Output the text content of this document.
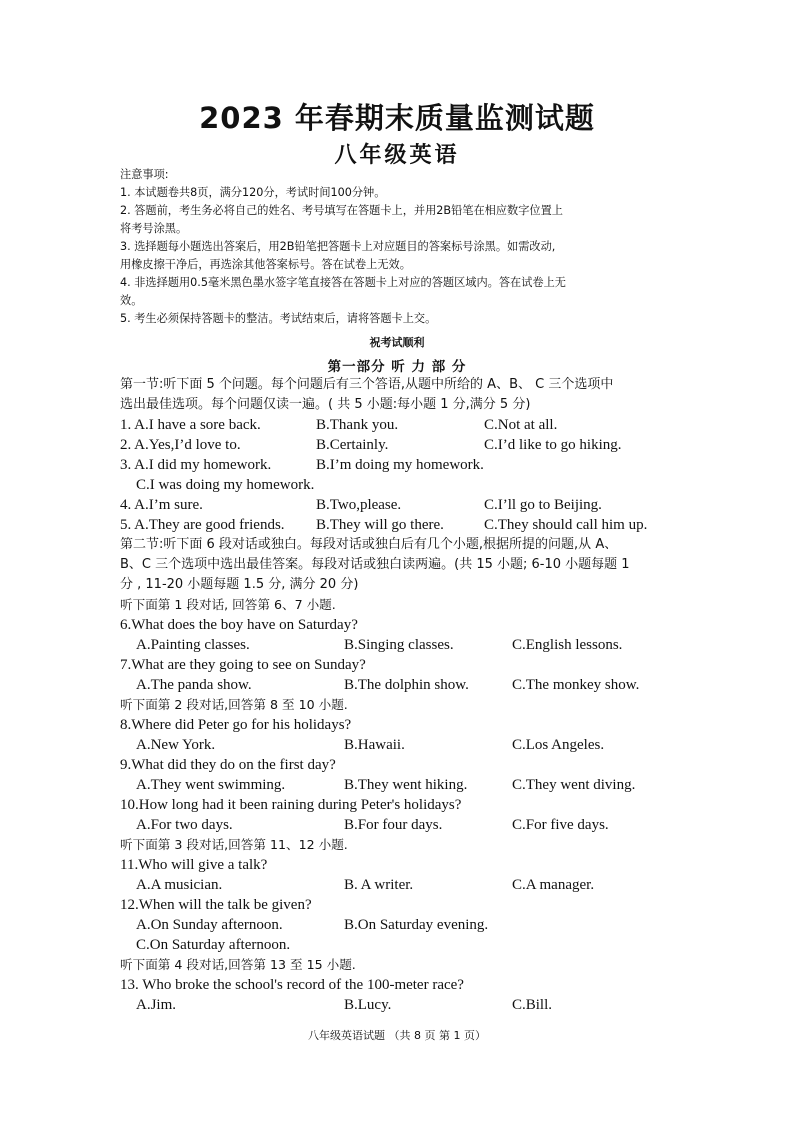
2023 年春期末质量监测试题
八年级英语
注意事项:
1. 本试题卷共8页，满分120分，考试时间100分钟。
2. 答题前，考生务必将自己的姓名、考号填写在答题卡上，并用2B铅笔在相应数字位置上
将考号涂黑。
3. 选择题每小题选出答案后，用2B铅笔把答题卡上对应题目的答案标号涂黑。如需改动,
用橡皮擦干净后，再选涂其他答案标号。答在试卷上无效。
4. 非选择题用0.5毫米黑色墨水签字笔直接答在答题卡上对应的答题区域内。答在试卷上无
效。
5. 考生必须保持答题卡的整洁。考试结束后，请将答题卡上交。
祝考试顺利
第一部分 听 力 部 分
第一节:听下面 5 个问题。每个问题后有三个答语,从题中所给的 A、B、 C 三个选项中
选出最佳选项。每个问题仅读一遍。( 共 5 小题:每小题 1 分,满分 5 分)
1. A.I have a sore back.	B.Thank you.	C.Not at all.
2. A.Yes,I’d love to.	B.Certainly.	C.I’d like to go hiking.
3. A.I did my homework.	B.I’m doing my homework.
C.I was doing my homework.
4. A.I’m sure.	B.Two,please.	C.I’ll go to Beijing.
5. A.They are good friends. B.They will go there.	C.They should call him up.
第二节:听下面 6 段对话或独白。每段对话或独白后有几个小题,根据所提的问题,从 A、
B、C 三个选项中选出最佳答案。每段对话或独白读两遍。(共 15 小题; 6-10 小题每题 1
分 , 11-20 小题每题 1.5 分, 满分 20 分)
听下面第 1 段对话, 回答第 6、7 小题.
6.What does the boy have on Saturday?
A.Painting classes.	B.Singing classes.	C.English lessons.
7.What are they going to see on Sunday?
A.The panda show.	B.The dolphin show.	C.The monkey show.
听下面第 2 段对话,回答第 8 至 10 小题.
8.Where did Peter go for his holidays?
A.New York.	B.Hawaii.	C.Los Angeles.
9.What did they do on the first day?
A.They went swimming.	B.They went hiking.	C.They went diving.
10.How long had it been raining during Peter's holidays?
A.For two days.	B.For four days.	C.For five days.
听下面第 3 段对话,回答第 11、12 小题.
11.Who will give a talk?
A.A musician.	B. A writer.	C.A manager.
12.When will the talk be given?
A.On Sunday afternoon.	B.On Saturday evening.
C.On Saturday afternoon.
听下面第 4 段对话,回答第 13 至 15 小题.
13. Who broke the school's record of the 100-meter race?
A.Jim.	B.Lucy.	C.Bill.
八年级英语试题 （共 8 页 第 1 页）
